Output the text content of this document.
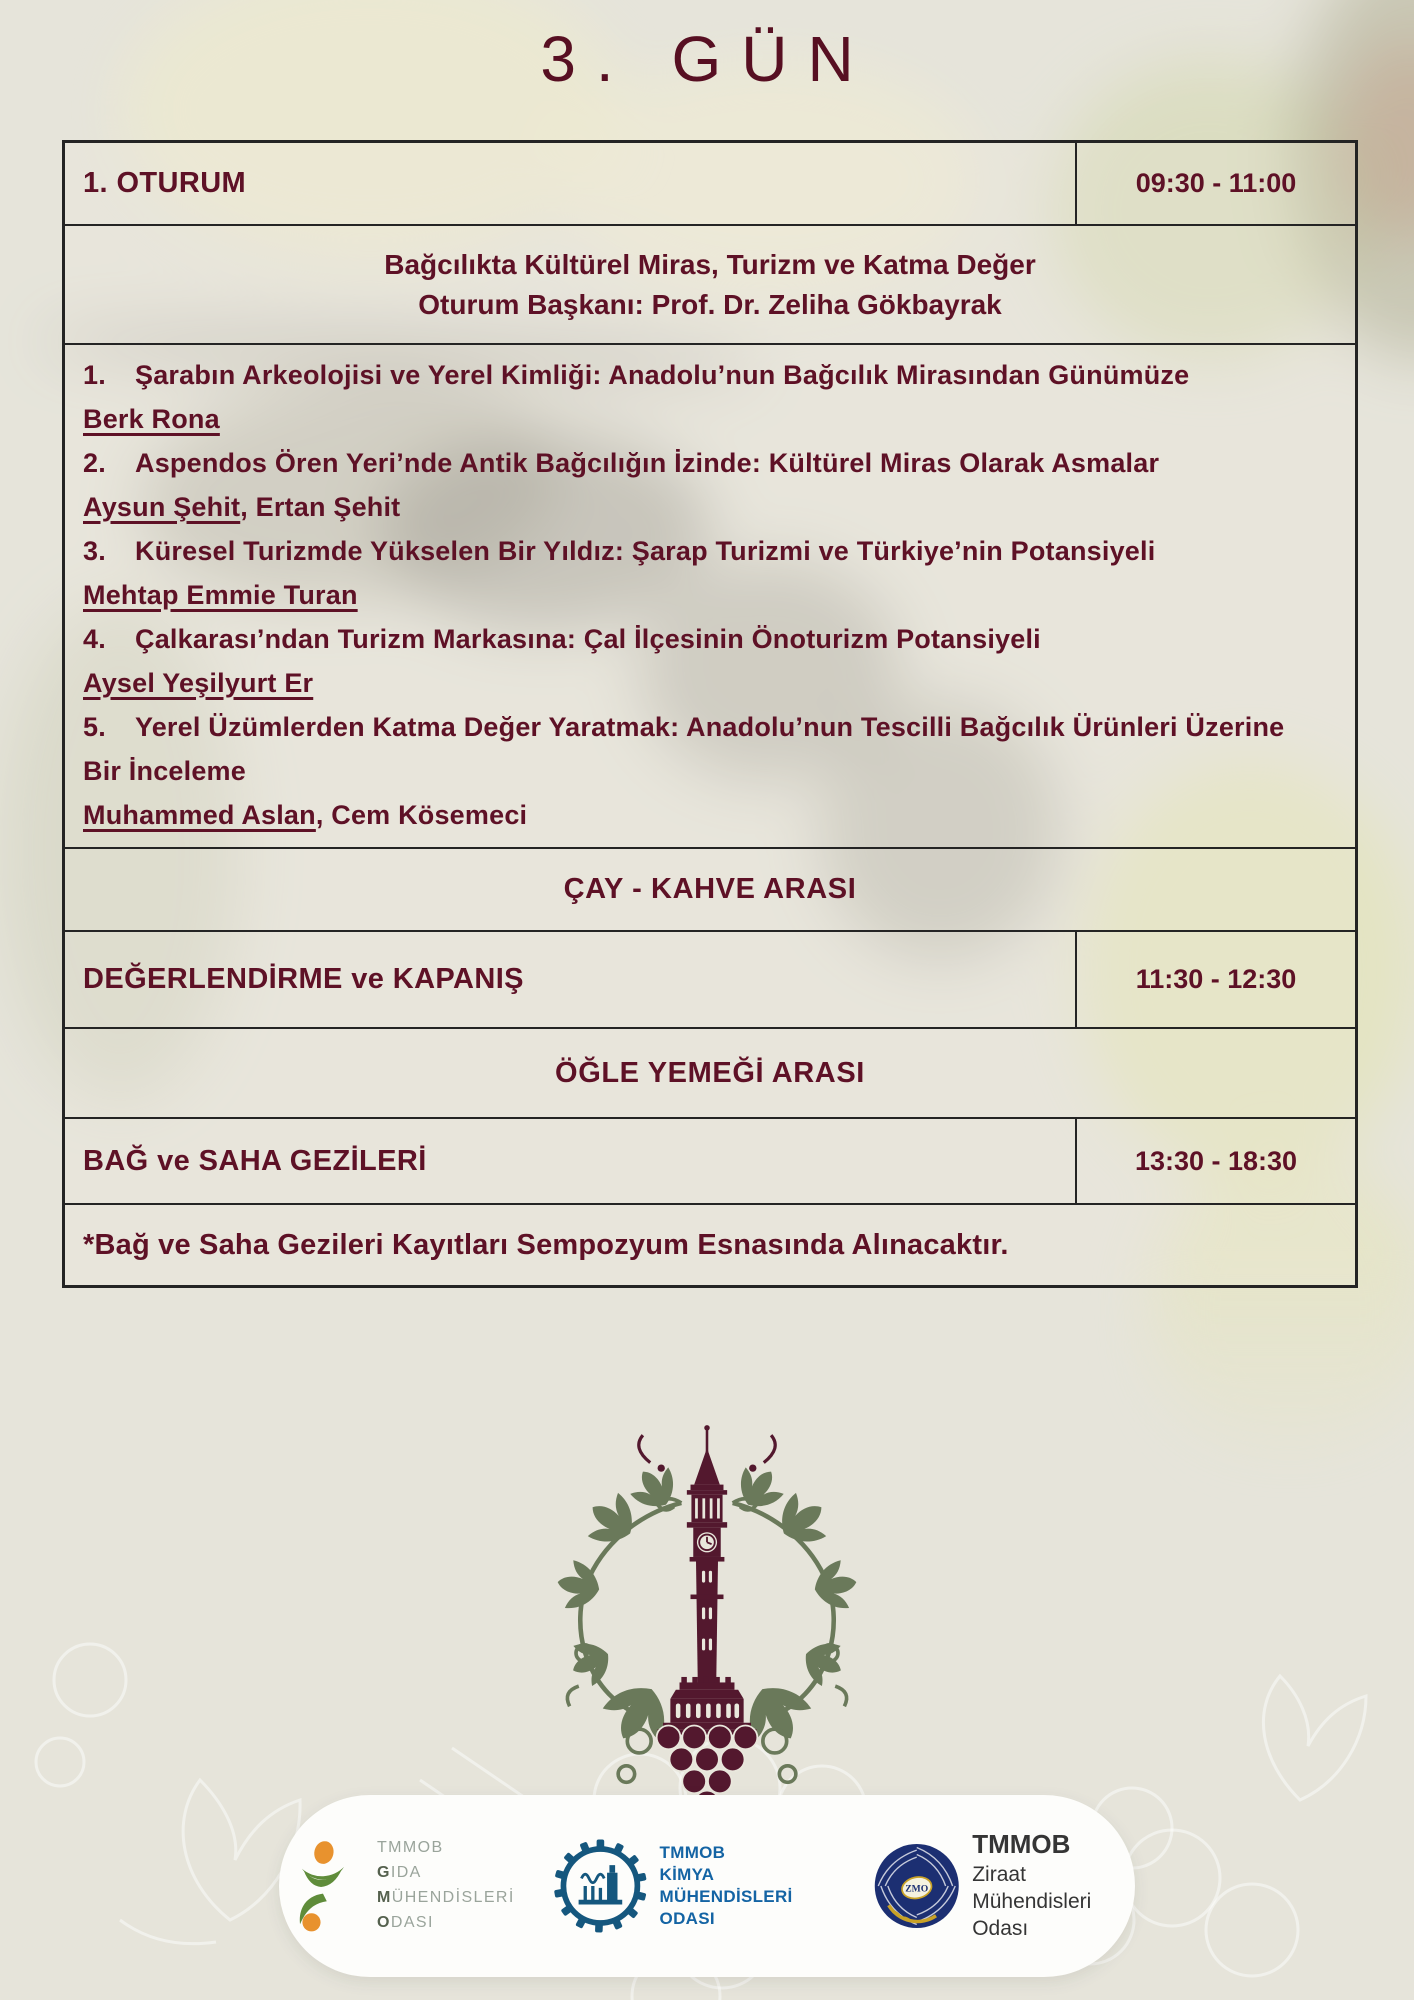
3. GÜN
1. OTURUM	09:30 - 11:00

Bağcılıkta Kültürel Miras, Turizm ve Katma Değer

Oturum Başkanı: Prof. Dr. Zeliha Gökbayrak

1. Şarabın Arkeolojisi ve Yerel Kimliği: Anadolu’nun Bağcılık Mirasından Günümüze

Berk Rona

2. Aspendos Ören Yeri’nde Antik Bağcılığın İzinde: Kültürel Miras Olarak Asmalar

Aysun Şehit, Ertan Şehit

3. Küresel Turizmde Yükselen Bir Yıldız: Şarap Turizmi ve Türkiye’nin Potansiyeli

Mehtap Emmie Turan

4. Çalkarası’ndan Turizm Markasına: Çal İlçesinin Önoturizm Potansiyeli

Aysel Yeşilyurt Er

5. Yerel Üzümlerden Katma Değer Yaratmak: Anadolu’nun Tescilli Bağcılık Ürünleri Üzerine Bir İnceleme

Muhammed Aslan, Cem Kösemeci

ÇAY - KAHVE ARASI
DEĞERLENDİRME ve KAPANIŞ	11:30 - 12:30
ÖĞLE YEMEĞİ ARASI
BAĞ ve SAHA GEZİLERİ	13:30 - 18:30
*Bağ ve Saha Gezileri Kayıtları Sempozyum Esnasında Alınacaktır.
TMMOB
GIDA
MÜHENDİSLERİ
ODASI
TMMOB
KİMYA MÜHENDİSLERİ
ODASI
ZMO
TMMOB
Ziraat Mühendisleri
Odası
